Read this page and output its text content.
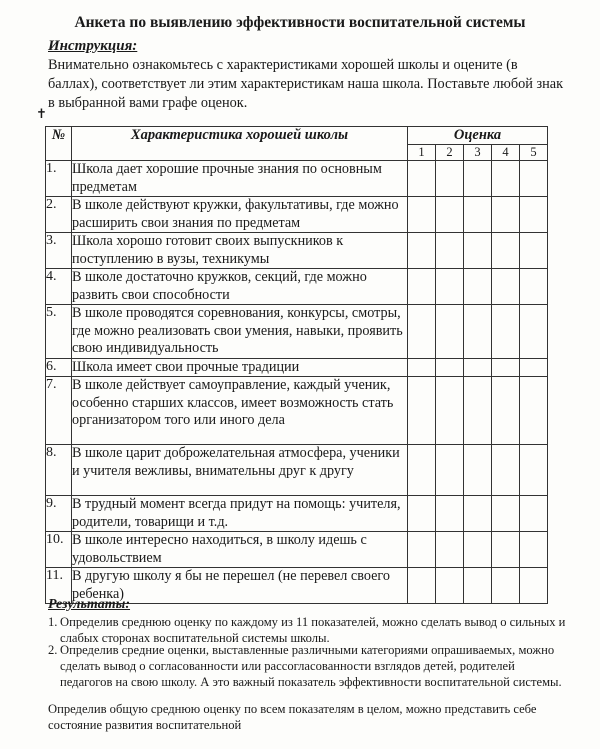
Анкета по выявлению эффективности воспитательной системы
Инструкция:
Внимательно ознакомьтесь с характеристиками хорошей школы и оцените (в баллах), соответствует ли этим характеристикам наша школа. Поставьте любой знак в выбранной вами графе оценок.
✝
№	Характеристика хорошей школы	Оценка				
		1	2	3	4	5
1.	Школа дает хорошие прочные знания по основным предметам					
2.	В школе действуют кружки, факультативы, где можно расширить свои знания по предметам					
3.	Школа хорошо готовит своих выпускников к поступлению в вузы, техникумы					
4.	В школе достаточно кружков, секций, где можно развить свои способности					
5.	В школе проводятся соревнования, конкурсы, смотры, где можно реализовать свои умения, навыки, проявить свою индивидуальность					
6.	Школа имеет свои прочные традиции					
7.	В школе действует самоуправление, каждый ученик, особенно старших классов, имеет возможность стать организатором того или иного дела					
8.	В школе царит доброжелательная атмосфера, ученики и учителя вежливы, внимательны друг к другу					
9.	В трудный момент всегда придут на помощь: учителя, родители, товарищи и т.д.					
10.	В школе интересно находиться, в школу идешь с удовольствием					
11.	В другую школу я бы не перешел (не перевел своего ребенка)					
Результаты:
1. Определив среднюю оценку по каждому из 11 показателей, можно сделать вывод о сильных и слабых сторонах воспитательной системы школы.
2. Определив средние оценки, выставленные различными категориями опрашиваемых, можно сделать вывод о согласованности или рассогласованности взглядов детей, родителей педагогов на свою школу. А это важный показатель эффективности воспитательной системы.
Определив общую среднюю оценку по всем показателям в целом, можно представить себе состояние развития воспитательной
